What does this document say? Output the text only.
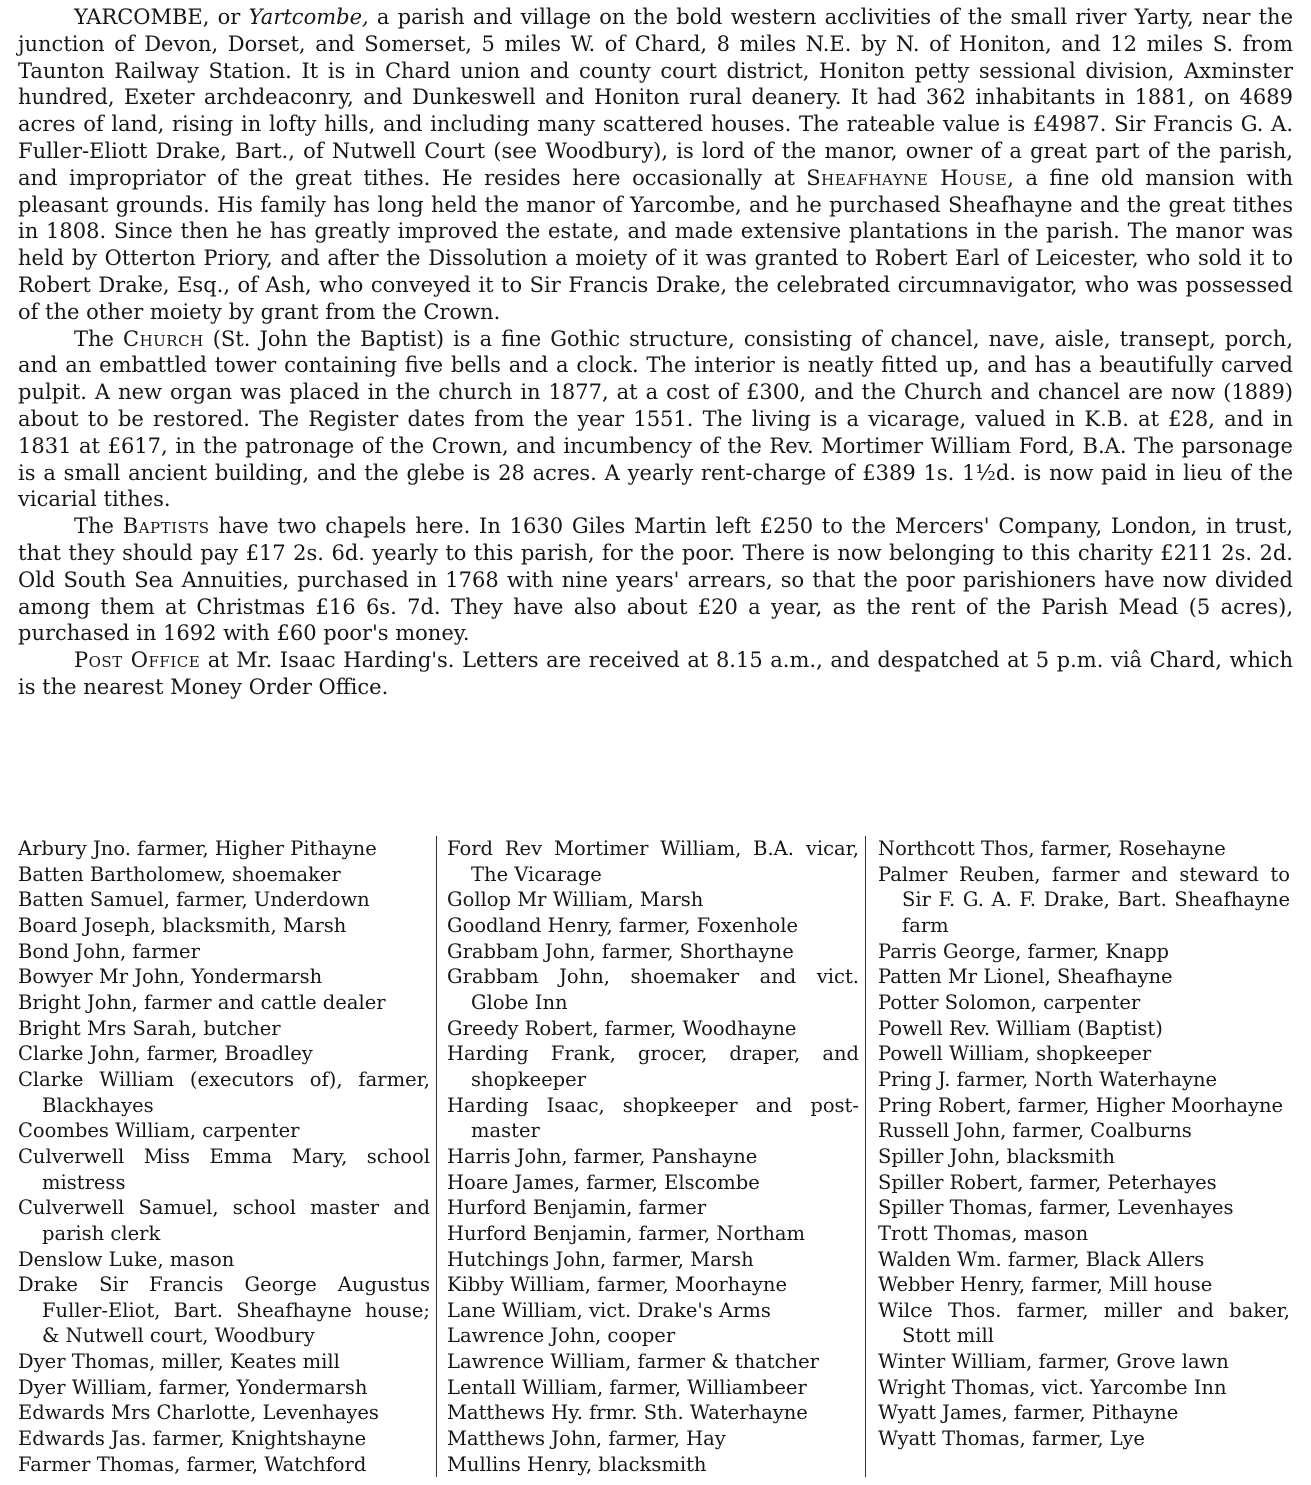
YARCOMBE, or Yartcombe, a parish and village on the bold western acclivities of the small river Yarty, near the junction of Devon, Dorset, and Somerset, 5 miles W. of Chard, 8 miles N.E. by N. of Honiton, and 12 miles S. from Taunton Railway Station. It is in Chard union and county court district, Honiton petty sessional division, Axminster hundred, Exeter archdeaconry, and Dunkeswell and Honiton rural deanery. It had 362 inhabitants in 1881, on 4689 acres of land, rising in lofty hills, and including many scattered houses. The rateable value is £4987. Sir Francis G. A. Fuller-Eliott Drake, Bart., of Nutwell Court (see Woodbury), is lord of the manor, owner of a great part of the parish, and impropriator of the great tithes. He resides here occasionally at Sheafhayne House, a fine old mansion with pleasant grounds. His family has long held the manor of Yarcombe, and he purchased Sheafhayne and the great tithes in 1808. Since then he has greatly improved the estate, and made extensive plantations in the parish. The manor was held by Otterton Priory, and after the Dissolution a moiety of it was granted to Robert Earl of Leicester, who sold it to Robert Drake, Esq., of Ash, who conveyed it to Sir Francis Drake, the celebrated circumnavigator, who was possessed of the other moiety by grant from the Crown.

The Church (St. John the Baptist) is a fine Gothic structure, consisting of chancel, nave, aisle, transept, porch, and an embattled tower containing five bells and a clock. The interior is neatly fitted up, and has a beautifully carved pulpit. A new organ was placed in the church in 1877, at a cost of £300, and the Church and chancel are now (1889) about to be restored. The Register dates from the year 1551. The living is a vicarage, valued in K.B. at £28, and in 1831 at £617, in the patronage of the Crown, and incumbency of the Rev. Mortimer William Ford, B.A. The parsonage is a small ancient building, and the glebe is 28 acres. A yearly rent-charge of £389 1s. 1½d. is now paid in lieu of the vicarial tithes.

The Baptists have two chapels here. In 1630 Giles Martin left £250 to the Mercers' Company, London, in trust, that they should pay £17 2s. 6d. yearly to this parish, for the poor. There is now belonging to this charity £211 2s. 2d. Old South Sea Annuities, purchased in 1768 with nine years' arrears, so that the poor parishioners have now divided among them at Christmas £16 6s. 7d. They have also about £20 a year, as the rent of the Parish Mead (5 acres), purchased in 1692 with £60 poor's money.

Post Office at Mr. Isaac Harding's. Letters are received at 8.15 a.m., and despatched at 5 p.m. viâ Chard, which is the nearest Money Order Office.

Arbury Jno. farmer, Higher Pithayne

Batten Bartholomew, shoemaker

Batten Samuel, farmer, Underdown

Board Joseph, blacksmith, Marsh

Bond John, farmer

Bowyer Mr John, Yondermarsh

Bright John, farmer and cattle dealer

Bright Mrs Sarah, butcher

Clarke John, farmer, Broadley

Clarke William (executors of), farmer, Blackhayes

Coombes William, carpenter

Culverwell Miss Emma Mary, school mistress

Culverwell Samuel, school master and parish clerk

Denslow Luke, mason

Drake Sir Francis George Augustus Fuller-Eliot, Bart. Sheafhayne house; & Nutwell court, Woodbury

Dyer Thomas, miller, Keates mill

Dyer William, farmer, Yondermarsh

Edwards Mrs Charlotte, Levenhayes

Edwards Jas. farmer, Knightshayne

Farmer Thomas, farmer, Watchford

Ford Rev Mortimer William, B.A. vicar, The Vicarage

Gollop Mr William, Marsh

Goodland Henry, farmer, Foxenhole

Grabbam John, farmer, Shorthayne

Grabbam John, shoemaker and vict. Globe Inn

Greedy Robert, farmer, Woodhayne

Harding Frank, grocer, draper, and shopkeeper

Harding Isaac, shopkeeper and post-master

Harris John, farmer, Panshayne

Hoare James, farmer, Elscombe

Hurford Benjamin, farmer

Hurford Benjamin, farmer, Northam

Hutchings John, farmer, Marsh

Kibby William, farmer, Moorhayne

Lane William, vict. Drake's Arms

Lawrence John, cooper

Lawrence William, farmer & thatcher

Lentall William, farmer, Williambeer

Matthews Hy. frmr. Sth. Waterhayne

Matthews John, farmer, Hay

Mullins Henry, blacksmith

Northcott Thos, farmer, Rosehayne

Palmer Reuben, farmer and steward to Sir F. G. A. F. Drake, Bart. Sheafhayne farm

Parris George, farmer, Knapp

Patten Mr Lionel, Sheafhayne

Potter Solomon, carpenter

Powell Rev. William (Baptist)

Powell William, shopkeeper

Pring J. farmer, North Waterhayne

Pring Robert, farmer, Higher Moorhayne

Russell John, farmer, Coalburns

Spiller John, blacksmith

Spiller Robert, farmer, Peterhayes

Spiller Thomas, farmer, Levenhayes

Trott Thomas, mason

Walden Wm. farmer, Black Allers

Webber Henry, farmer, Mill house

Wilce Thos. farmer, miller and baker, Stott mill

Winter William, farmer, Grove lawn

Wright Thomas, vict. Yarcombe Inn

Wyatt James, farmer, Pithayne

Wyatt Thomas, farmer, Lye
